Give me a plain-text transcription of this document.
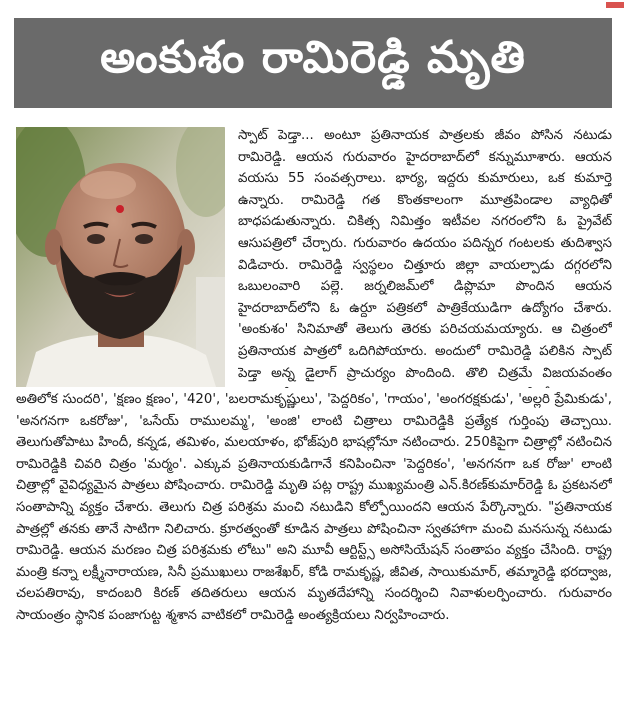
అంకుశం రామిరెడ్డి మృతి
స్పాట్ పెడ్తా... అంటూ ప్రతినాయక పాత్రలకు జీవం పోసిన నటుడు రామిరెడ్డి. ఆయన గురువారం హైదరాబాద్‌లో కన్నుమూశారు. ఆయన వయసు 55 సంవత్సరాలు. భార్య, ఇద్దరు కుమారులు, ఒక కుమార్తె ఉన్నారు. రామిరెడ్డి గత కొంతకాలంగా మూత్రపిండాల వ్యాధితో బాధపడుతున్నారు. చికిత్స నిమిత్తం ఇటీవల నగరంలోని ఓ ప్రైవేట్ ఆసుపత్రిలో చేర్చారు. గురువారం ఉదయం పదిన్నర గంటలకు తుదిశ్వాస విడిచారు. రామిరెడ్డి స్వస్థలం చిత్తూరు జిల్లా వాయల్పాడు దగ్గరలోని ఒబులంవారి పల్లె. జర్నలిజమ్‌లో డిప్లొమా పొందిన ఆయన హైదరాబాద్‌లోని ఓ ఉర్దూ పత్రికలో పాత్రికేయుడిగా ఉద్యోగం చేశారు. 'అంకుశం' సినిమాతో తెలుగు తెరకు పరిచయమయ్యారు. ఆ చిత్రంలో ప్రతినాయక పాత్రలో ఒదిగిపోయారు. అందులో రామిరెడ్డి పలికిన స్పాట్ పెడ్తా అన్న డైలాగ్ ప్రాచుర్యం పొందింది. తొలి చిత్రమే విజయవంతం
అతిలోక సుందరి', 'క్షణం క్షణం', '420', 'బలరామకృష్ణులు', 'పెద్దరికం', 'గాయం', 'అంగరక్షకుడు', 'అల్లరి ప్రేమికుడు', 'అనగనగా ఒకరోజు', 'ఒసేయ్ రాములమ్మ', 'అంజి' లాంటి చిత్రాలు రామిరెడ్డికి ప్రత్యేక గుర్తింపు తెచ్చాయి. తెలుగుతోపాటు హిందీ, కన్నడ, తమిళం, మలయాళం, భోజ్‌పురి భాషల్లోనూ నటించారు. 250కిపైగా చిత్రాల్లో నటించిన రామిరెడ్డికి చివరి చిత్రం 'మర్మం'. ఎక్కువ ప్రతినాయకుడిగానే కనిపించినా 'పెద్దరికం', 'అనగనగా ఒక రోజు' లాంటి చిత్రాల్లో వైవిధ్యమైన పాత్రలు పోషించారు. రామిరెడ్డి మృతి పట్ల రాష్ట్ర ముఖ్యమంత్రి ఎన్.కిరణ్‌కుమార్‌రెడ్డి ఓ ప్రకటనలో సంతాపాన్ని వ్యక్తం చేశారు. తెలుగు చిత్ర పరిశ్రమ మంచి నటుడిని కోల్పోయిందని ఆయన పేర్కొన్నారు. "ప్రతినాయక పాత్రల్లో తనకు తానే సాటిగా నిలిచారు. క్రూరత్వంతో కూడిన పాత్రలు పోషించినా స్వతహాగా మంచి మనసున్న నటుడు రామిరెడ్డి. ఆయన మరణం చిత్ర పరిశ్రమకు లోటు" అని మూవీ ఆర్టిస్ట్స్ అసోసియేషన్ సంతాపం వ్యక్తం చేసింది. రాష్ట్ర మంత్రి కన్నా లక్ష్మీనారాయణ, సినీ ప్రముఖులు రాజశేఖర్, కోడి రామకృష్ణ, జీవిత, సాయికుమార్, తమ్మారెడ్డి భరద్వాజ, చలపతిరావు, కాదంబరి కిరణ్ తదితరులు ఆయన మృతదేహాన్ని సందర్శించి నివాళులర్పించారు. గురువారం సాయంత్రం స్థానిక పంజాగుట్ట శ్మశాన వాటికలో రామిరెడ్డి అంత్యక్రియలు నిర్వహించారు.
